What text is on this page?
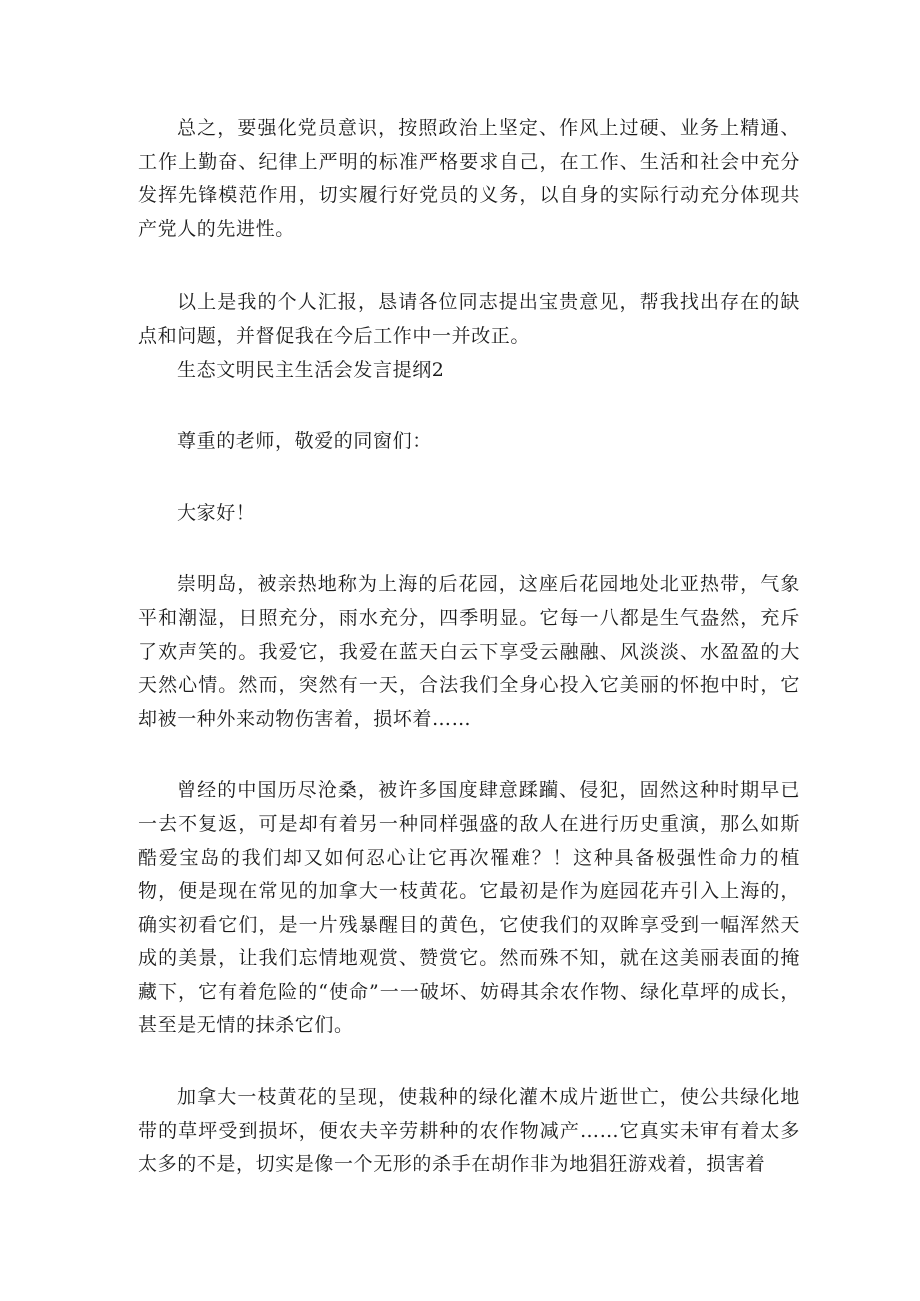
总之，要强化党员意识，按照政治上坚定、作风上过硬、业务上精通、工作上勤奋、纪律上严明的标准严格要求自己，在工作、生活和社会中充分发挥先锋模范作用，切实履行好党员的义务，以自身的实际行动充分体现共产党人的先进性。

以上是我的个人汇报，恳请各位同志提出宝贵意见，帮我找出存在的缺点和问题，并督促我在今后工作中一并改正。

生态文明民主生活会发言提纲2

尊重的老师，敬爱的同窗们：

大家好！

崇明岛，被亲热地称为上海的后花园，这座后花园地处北亚热带，气象平和潮湿，日照充分，雨水充分，四季明显。它每一八都是生气盎然，充斥了欢声笑的。我爱它，我爱在蓝天白云下享受云融融、风淡淡、水盈盈的大天然心情。然而，突然有一天，合法我们全身心投入它美丽的怀抱中时，它却被一种外来动物伤害着，损坏着……

曾经的中国历尽沧桑，被许多国度肆意蹂躏、侵犯，固然这种时期早已一去不复返，可是却有着另一种同样强盛的敌人在进行历史重演，那么如斯酷爱宝岛的我们却又如何忍心让它再次罹难？！这种具备极强性命力的植物，便是现在常见的加拿大一枝黄花。它最初是作为庭园花卉引入上海的，确实初看它们，是一片残暴醒目的黄色，它使我们的双眸享受到一幅浑然天成的美景，让我们忘情地观赏、赞赏它。然而殊不知，就在这美丽表面的掩藏下，它有着危险的“使命”一一破坏、妨碍其余农作物、绿化草坪的成长，甚至是无情的抹杀它们。

加拿大一枝黄花的呈现，使栽种的绿化灌木成片逝世亡，使公共绿化地带的草坪受到损坏，便农夫辛劳耕种的农作物减产……它真实未审有着太多太多的不是，切实是像一个无形的杀手在胡作非为地猖狂游戏着，损害着
